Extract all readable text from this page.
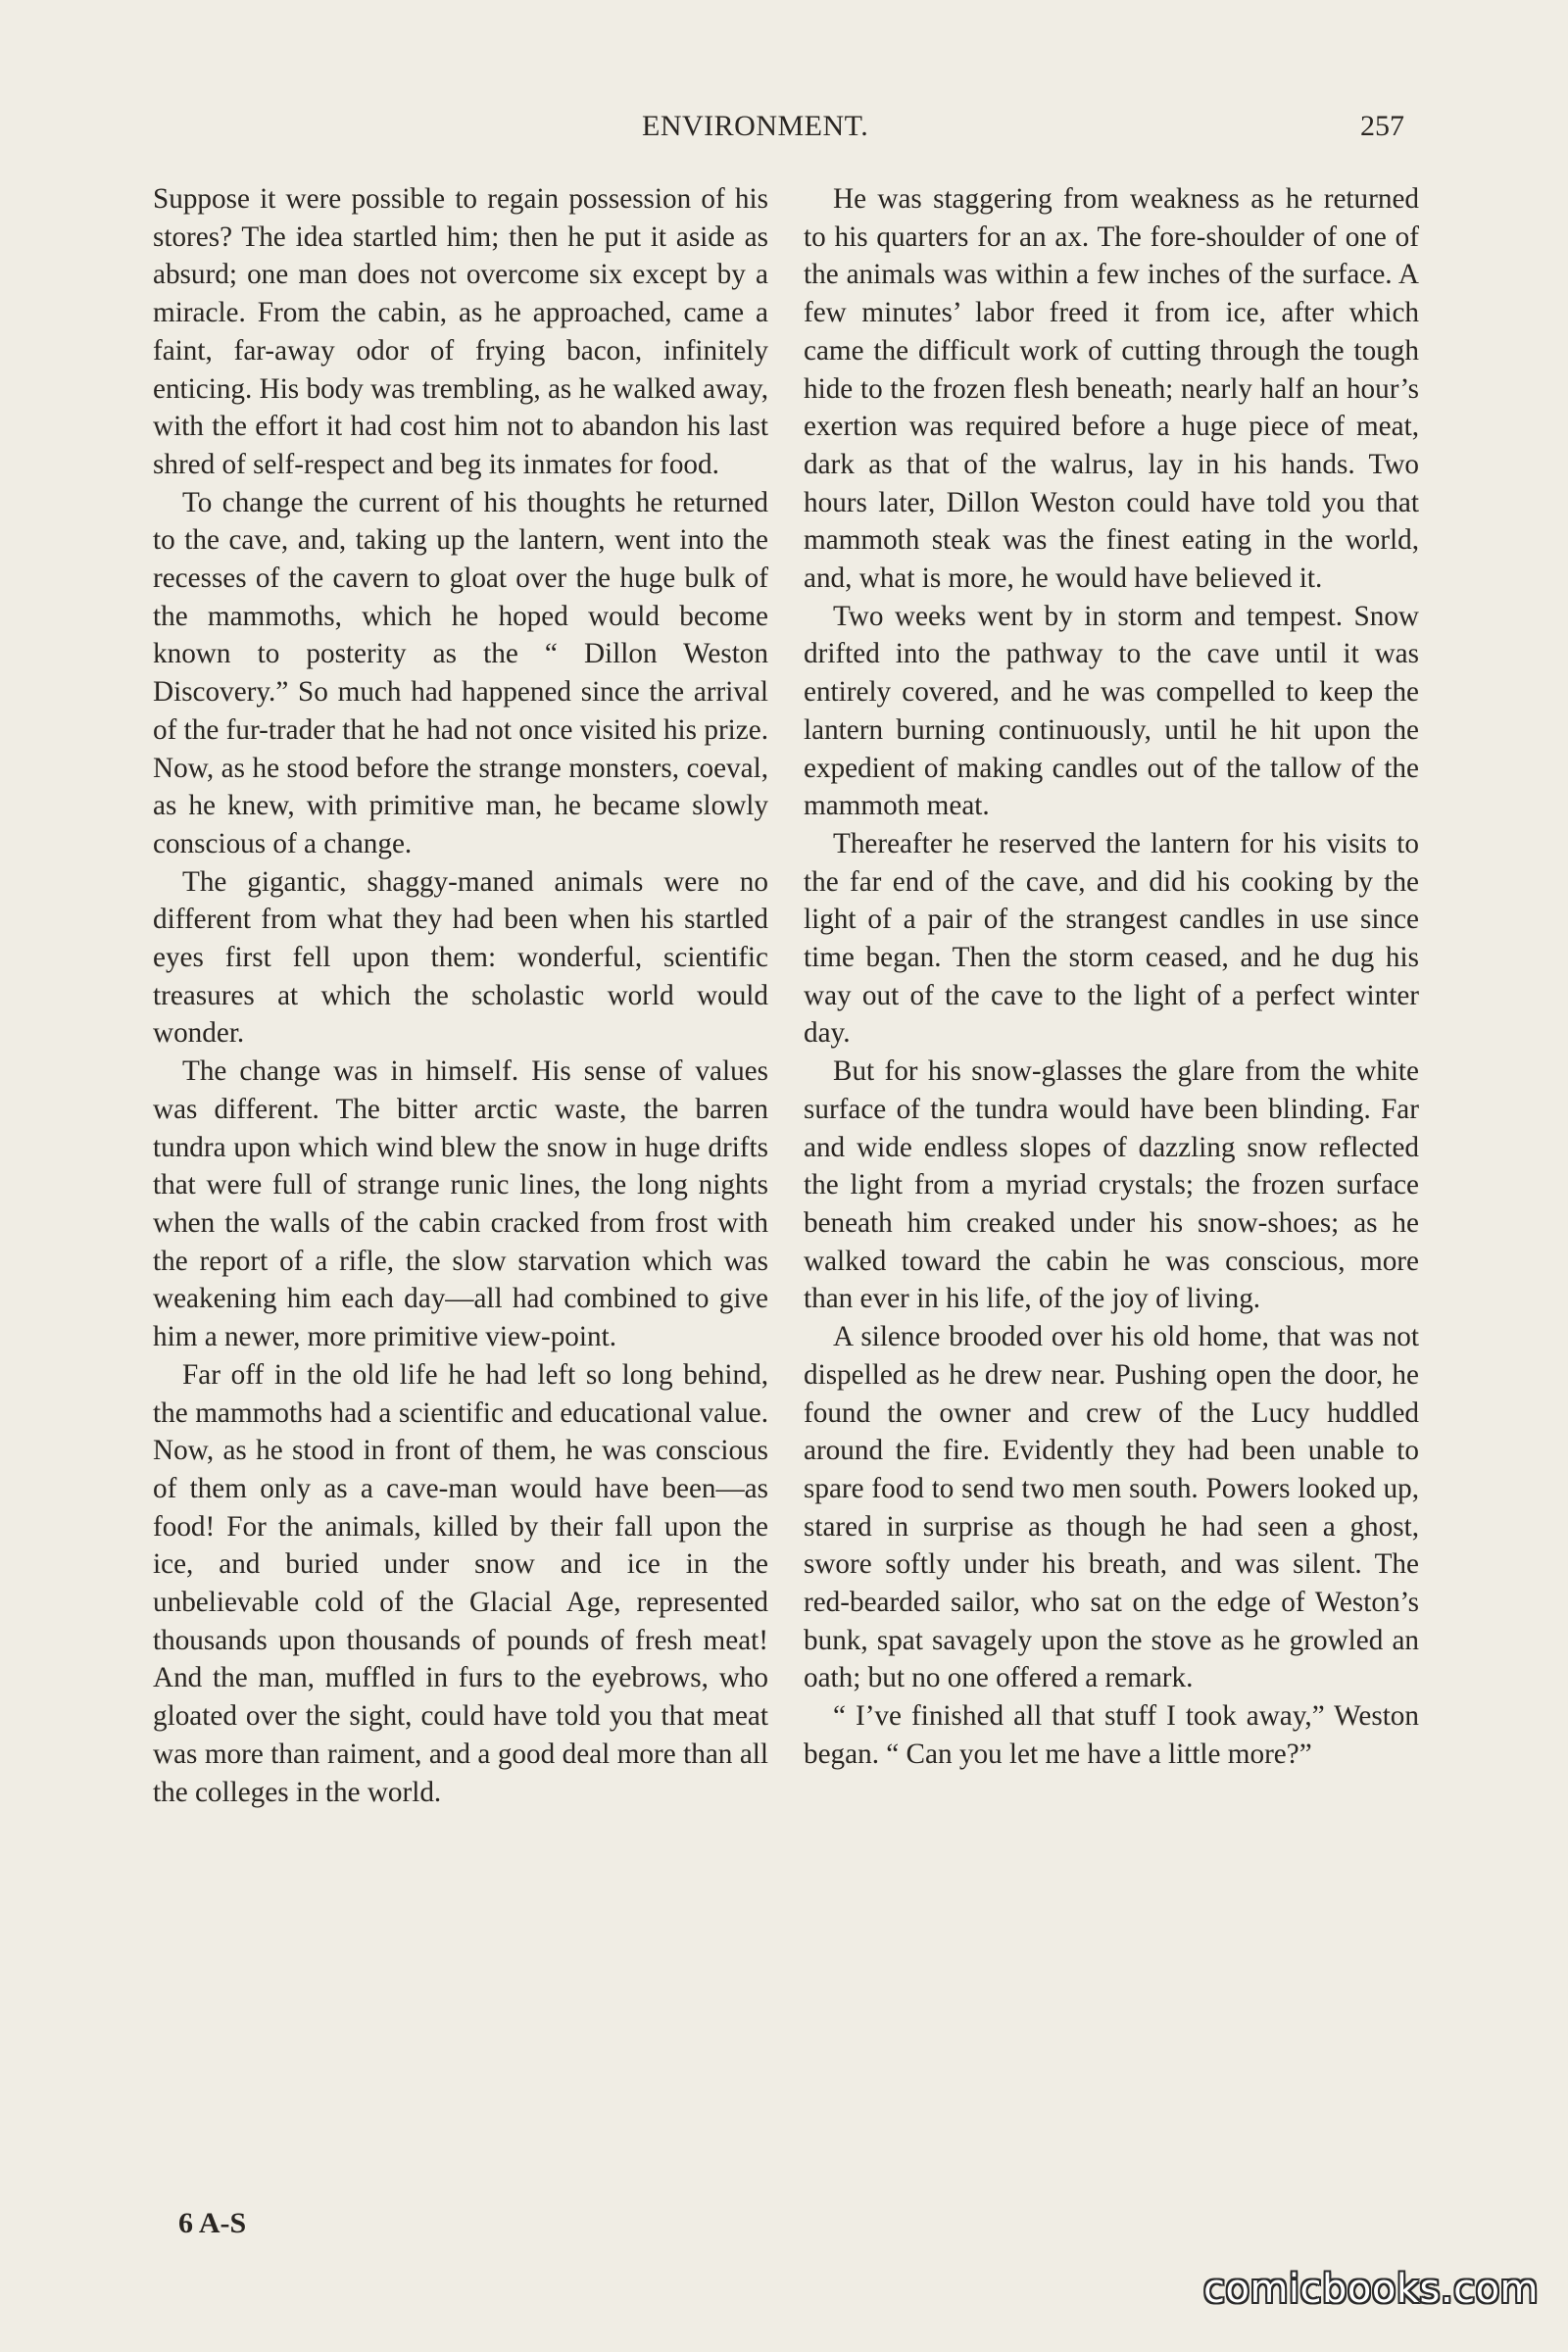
ENVIRONMENT.	257

Suppose it were possible to regain possession of his stores? The idea startled him; then he put it aside as absurd; one man does not overcome six except by a miracle. From the cabin, as he approached, came a faint, far-away odor of frying bacon, infinitely enticing. His body was trembling, as he walked away, with the effort it had cost him not to abandon his last shred of self-respect and beg its inmates for food.

To change the current of his thoughts he returned to the cave, and, taking up the lantern, went into the recesses of the cavern to gloat over the huge bulk of the mammoths, which he hoped would become known to posterity as the “ Dillon Weston Discovery.” So much had happened since the arrival of the fur-trader that he had not once visited his prize. Now, as he stood before the strange monsters, coeval, as he knew, with primitive man, he became slowly conscious of a change.

The gigantic, shaggy-maned animals were no different from what they had been when his startled eyes first fell upon them: wonderful, scientific treasures at which the scholastic world would wonder.

The change was in himself. His sense of values was different. The bitter arctic waste, the barren tundra upon which wind blew the snow in huge drifts that were full of strange runic lines, the long nights when the walls of the cabin cracked from frost with the report of a rifle, the slow starvation which was weakening him each day—all had combined to give him a newer, more primitive view-point.

Far off in the old life he had left so long behind, the mammoths had a scientific and educational value. Now, as he stood in front of them, he was conscious of them only as a cave-man would have been—as food! For the animals, killed by their fall upon the ice, and buried under snow and ice in the unbelievable cold of the Glacial Age, represented thousands upon thousands of pounds of fresh meat! And the man, muffled in furs to the eyebrows, who gloated over the sight, could have told you that meat was more than raiment, and a good deal more than all the colleges in the world.

He was staggering from weakness as he returned to his quarters for an ax. The fore-shoulder of one of the animals was within a few inches of the surface. A few minutes’ labor freed it from ice, after which came the difficult work of cutting through the tough hide to the frozen flesh beneath; nearly half an hour’s exertion was required before a huge piece of meat, dark as that of the walrus, lay in his hands. Two hours later, Dillon Weston could have told you that mammoth steak was the finest eating in the world, and, what is more, he would have believed it.

Two weeks went by in storm and tempest. Snow drifted into the pathway to the cave until it was entirely covered, and he was compelled to keep the lantern burning continuously, until he hit upon the expedient of making candles out of the tallow of the mammoth meat.

Thereafter he reserved the lantern for his visits to the far end of the cave, and did his cooking by the light of a pair of the strangest candles in use since time began. Then the storm ceased, and he dug his way out of the cave to the light of a perfect winter day.

But for his snow-glasses the glare from the white surface of the tundra would have been blinding. Far and wide endless slopes of dazzling snow reflected the light from a myriad crystals; the frozen surface beneath him creaked under his snow-shoes; as he walked toward the cabin he was conscious, more than ever in his life, of the joy of living.

A silence brooded over his old home, that was not dispelled as he drew near. Pushing open the door, he found the owner and crew of the Lucy huddled around the fire. Evidently they had been unable to spare food to send two men south. Powers looked up, stared in surprise as though he had seen a ghost, swore softly under his breath, and was silent. The red-bearded sailor, who sat on the edge of Weston’s bunk, spat savagely upon the stove as he growled an oath; but no one offered a remark.

“ I’ve finished all that stuff I took away,” Weston began. “ Can you let me have a little more?”

6 A-S
comicbooks.com
